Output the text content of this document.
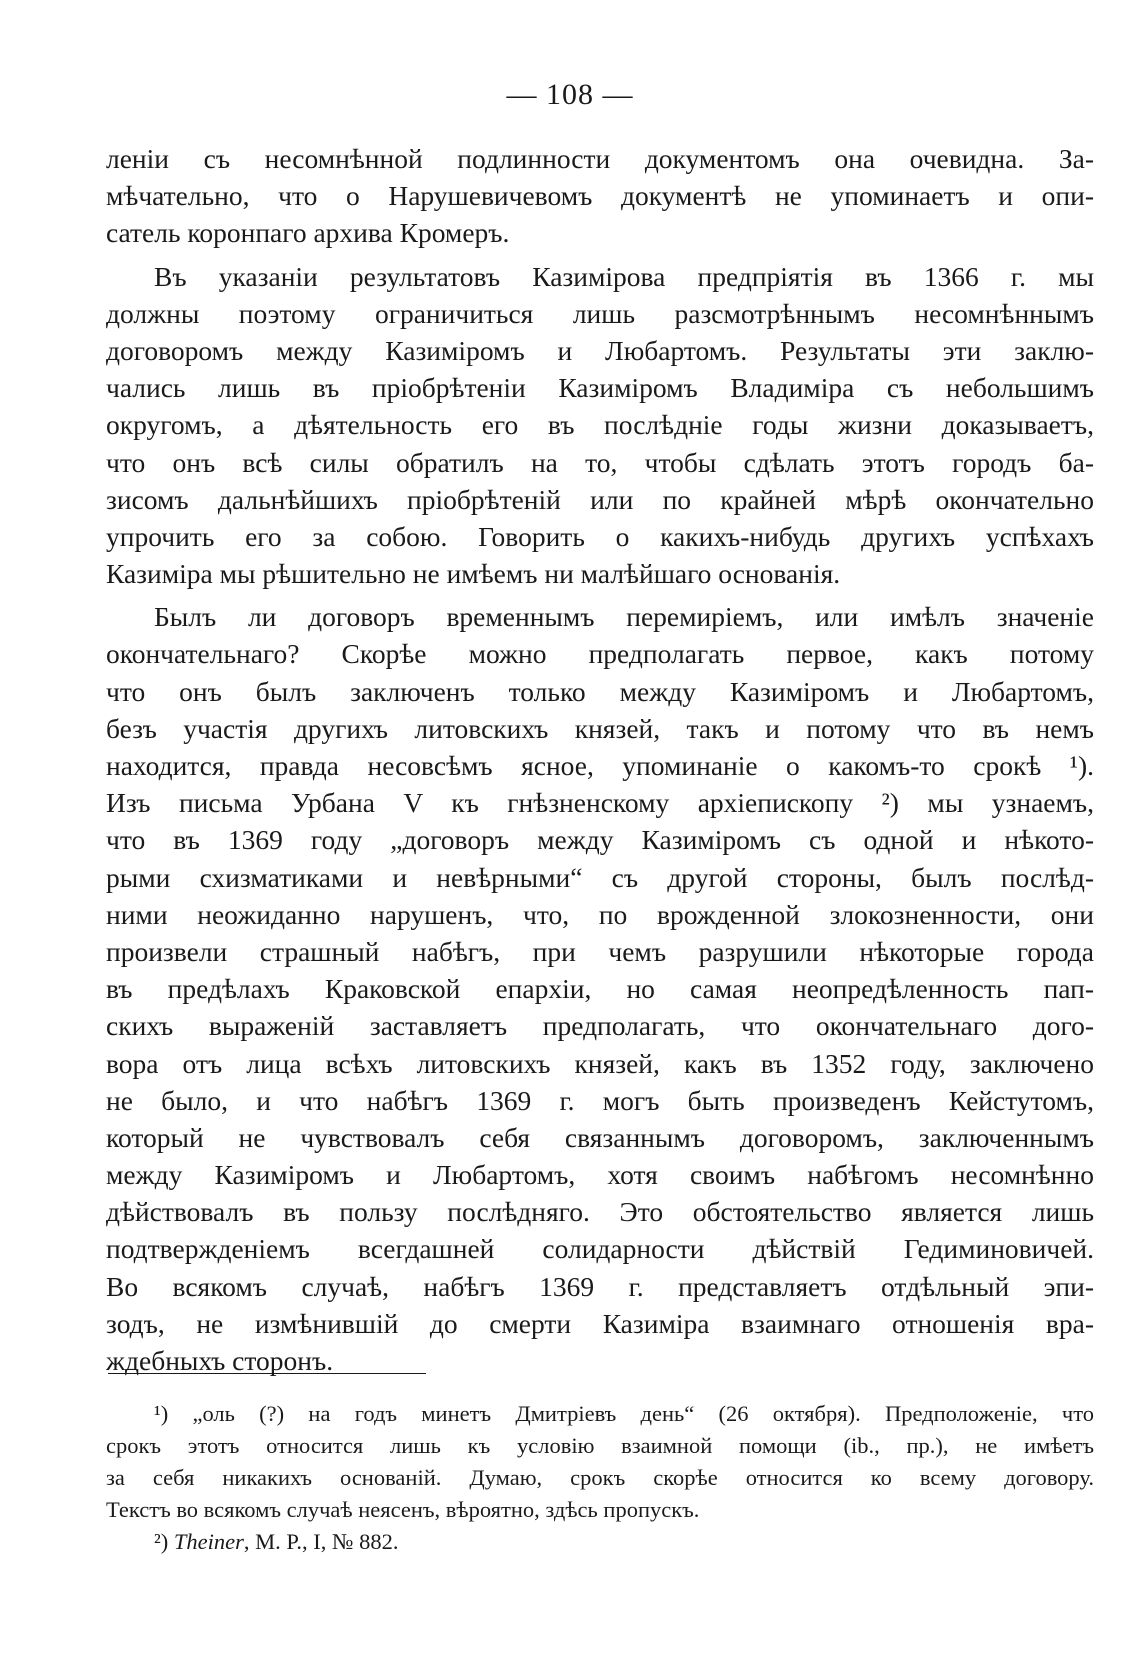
— 108 —
леніи съ несомнѣнной подлинности документомъ она очевидна. За-
мѣчательно, что о Нарушевичевомъ документѣ не упоминаетъ и опи-
сатель коронпаго архива Кромеръ.
Въ указаніи результатовъ Казимірова предпріятія въ 1366 г. мы
должны поэтому ограничиться лишь разсмотрѣннымъ несомнѣннымъ
договоромъ между Казиміромъ и Любартомъ. Результаты эти заклю-
чались лишь въ пріобрѣтеніи Казиміромъ Владиміра съ небольшимъ
округомъ, а дѣятельность его въ послѣдніе годы жизни доказываетъ,
что онъ всѣ силы обратилъ на то, чтобы сдѣлать этотъ городъ ба-
зисомъ дальнѣйшихъ пріобрѣтеній или по крайней мѣрѣ окончательно
упрочить его за собою. Говорить о какихъ-нибудь другихъ успѣхахъ
Казиміра мы рѣшительно не имѣемъ ни малѣйшаго основанія.
Былъ ли договоръ временнымъ перемиріемъ, или имѣлъ значеніе
окончательнаго? Скорѣе можно предполагать первое, какъ потому
что онъ былъ заключенъ только между Казиміромъ и Любартомъ,
безъ участія другихъ литовскихъ князей, такъ и потому что въ немъ
находится, правда несовсѣмъ ясное, упоминаніе о какомъ-то срокѣ ¹).
Изъ письма Урбана V къ гнѣзненскому архіепископу ²) мы узнаемъ,
что въ 1369 году „договоръ между Казиміромъ съ одной и нѣкото-
рыми схизматиками и невѣрными“ съ другой стороны, былъ послѣд-
ними неожиданно нарушенъ, что, по врожденной злокозненности, они
произвели страшный набѣгъ, при чемъ разрушили нѣкоторые города
въ предѣлахъ Краковской епархіи, но самая неопредѣленность пап-
скихъ выраженій заставляетъ предполагать, что окончательнаго дого-
вора отъ лица всѣхъ литовскихъ князей, какъ въ 1352 году, заключено
не было, и что набѣгъ 1369 г. могъ быть произведенъ Кейстутомъ,
который не чувствовалъ себя связаннымъ договоромъ, заключеннымъ
между Казиміромъ и Любартомъ, хотя своимъ набѣгомъ несомнѣнно
дѣйствовалъ въ пользу послѣдняго. Это обстоятельство является лишь
подтвержденіемъ всегдашней солидарности дѣйствій Гедиминовичей.
Во всякомъ случаѣ, набѣгъ 1369 г. представляетъ отдѣльный эпи-
зодъ, не измѣнившій до смерти Казиміра взаимнаго отношенія вра-
ждебныхъ сторонъ.
¹) „оль (?) на годъ минетъ Дмитріевъ день“ (26 октября). Предположеніе, что
срокъ этотъ относится лишь къ условію взаимной помощи (ib., пр.), не имѣетъ
за себя никакихъ основаній. Думаю, срокъ скорѣе относится ко всему договору.
Текстъ во всякомъ случаѣ неясенъ, вѣроятно, здѣсь пропускъ.
²) Theiner, M. P., I, № 882.
